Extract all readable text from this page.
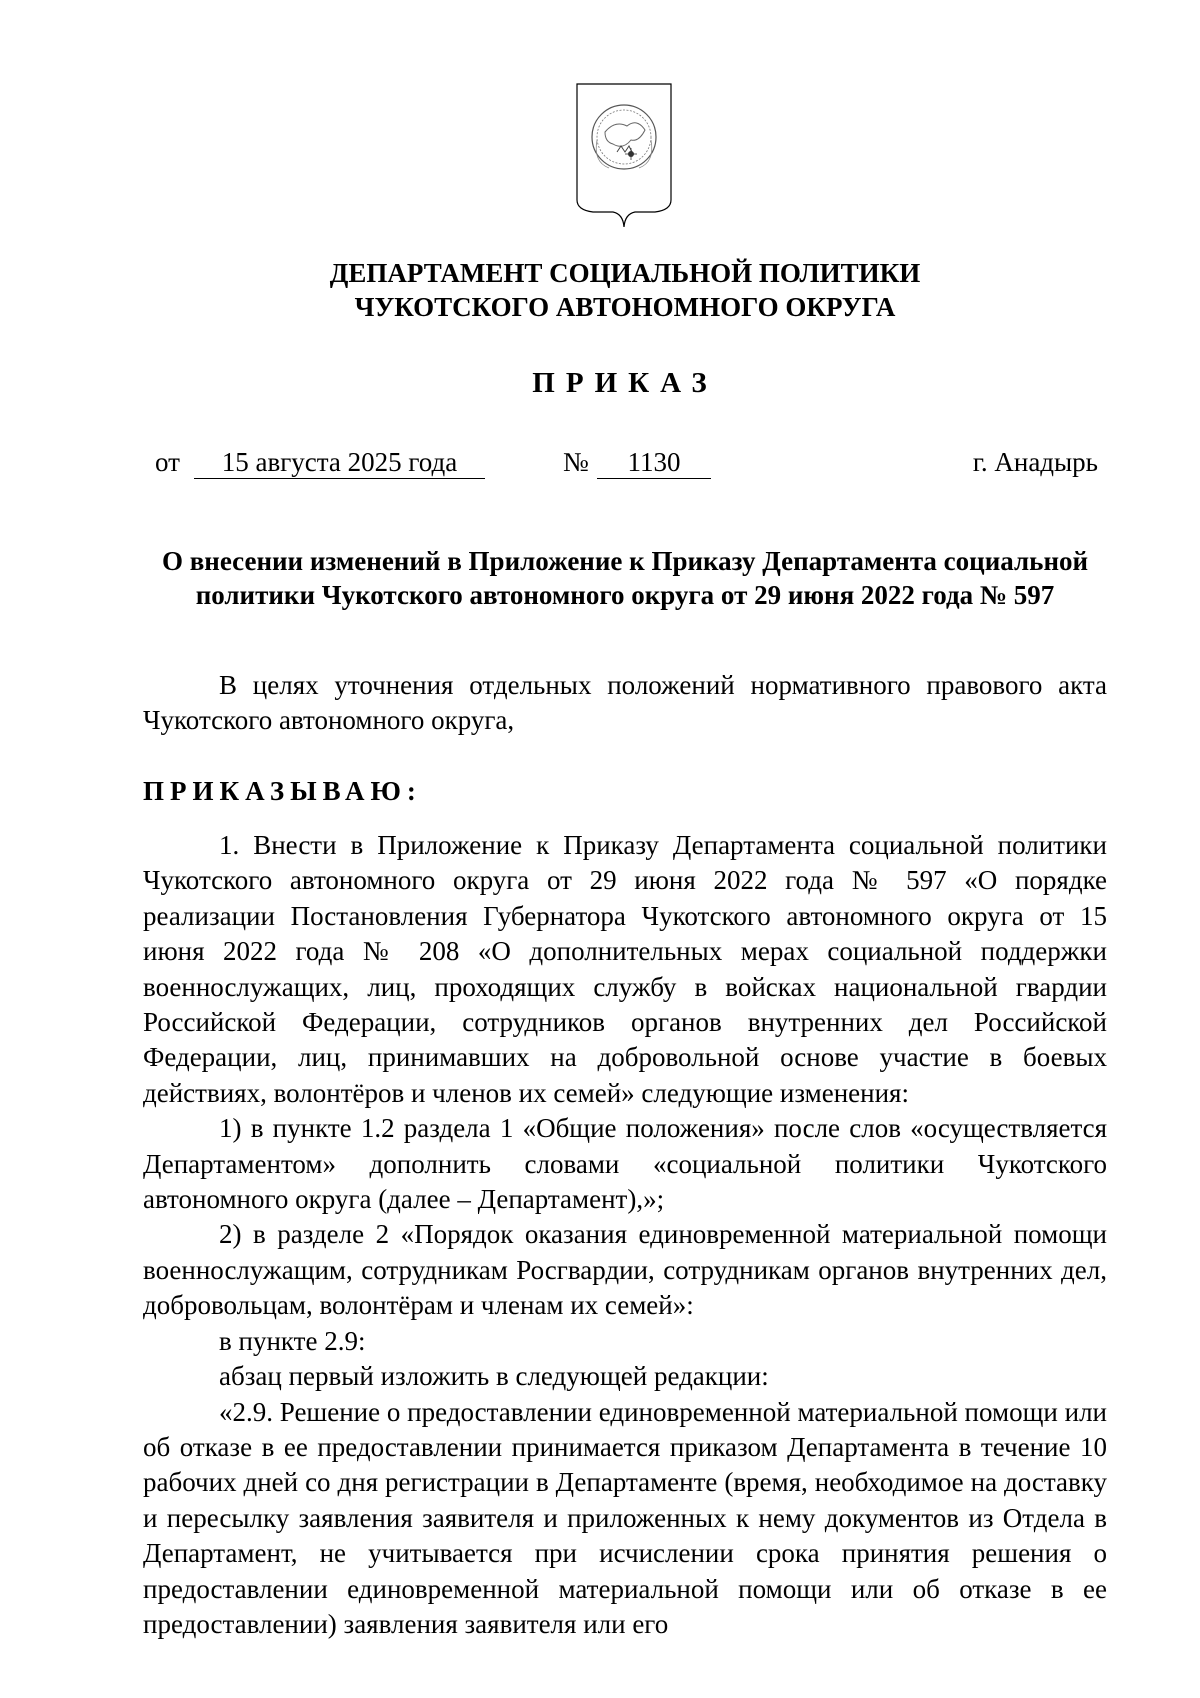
ДЕПАРТАМЕНТ СОЦИАЛЬНОЙ ПОЛИТИКИ
ЧУКОТСКОГО АВТОНОМНОГО ОКРУГА
ПРИКАЗ
от	15 августа 2025 года	№	1130	г. Анадырь
О внесении изменений в Приложение к Приказу Департамента социальной
политики Чукотского автономного округа от 29 июня 2022 года № 597

В целях уточнения отдельных положений нормативного правового акта Чукотского автономного округа,

ПРИКАЗЫВАЮ:

1. Внести в Приложение к Приказу Департамента социальной политики Чукотского автономного округа от 29 июня 2022 года № 597 «О порядке реализации Постановления Губернатора Чукотского автономного округа от 15 июня 2022 года № 208 «О дополнительных мерах социальной поддержки военнослужащих, лиц, проходящих службу в войсках национальной гвардии Российской Федерации, сотрудников органов внутренних дел Российской Федерации, лиц, принимавших на добровольной основе участие в боевых действиях, волонтёров и членов их семей» следующие изменения:

1) в пункте 1.2 раздела 1 «Общие положения» после слов «осуществляется Департаментом» дополнить словами «социальной политики Чукотского автономного округа (далее – Департамент),»;

2) в разделе 2 «Порядок оказания единовременной материальной помощи военнослужащим, сотрудникам Росгвардии, сотрудникам органов внутренних дел, добровольцам, волонтёрам и членам их семей»:

в пункте 2.9:

абзац первый изложить в следующей редакции:

«2.9. Решение о предоставлении единовременной материальной помощи или об отказе в ее предоставлении принимается приказом Департамента в течение 10 рабочих дней со дня регистрации в Департаменте (время, необходимое на доставку и пересылку заявления заявителя и приложенных к нему документов из Отдела в Департамент, не учитывается при исчислении срока принятия решения о предоставлении единовременной материальной помощи или об отказе в ее предоставлении) заявления заявителя или его
